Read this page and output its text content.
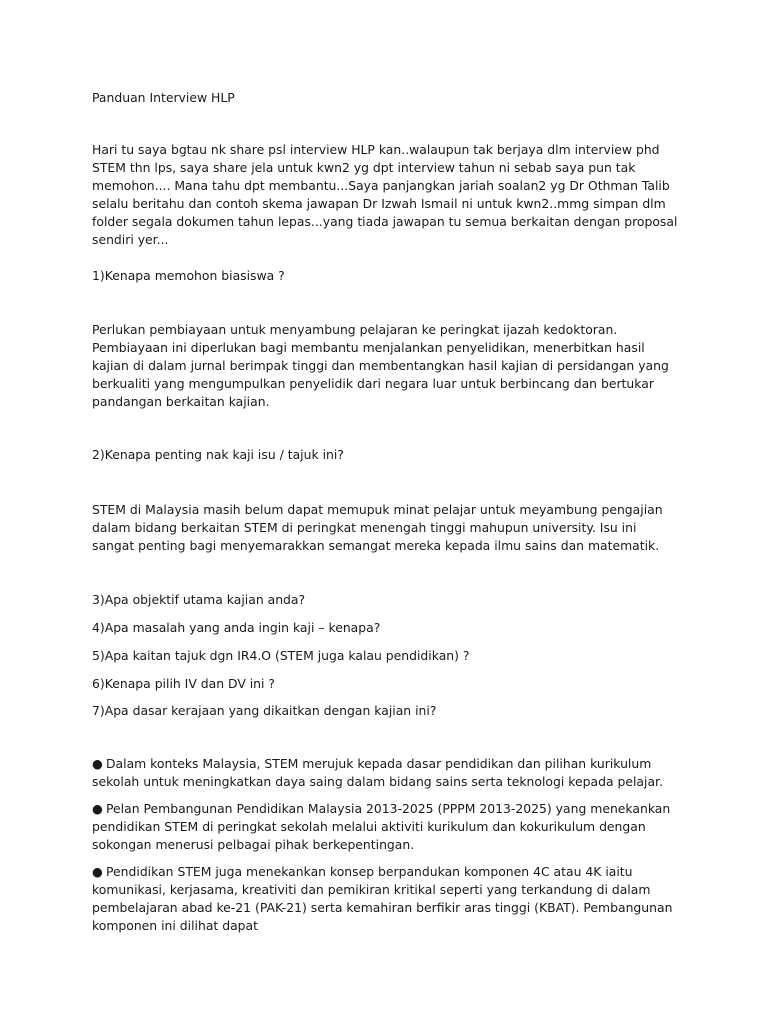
Panduan Interview HLP

Hari tu saya bgtau nk share psl interview HLP kan..walaupun tak berjaya dlm interview phd STEM thn lps, saya share jela untuk kwn2 yg dpt interview tahun ni sebab saya pun tak memohon.... Mana tahu dpt membantu...Saya panjangkan jariah soalan2 yg Dr Othman Talib selalu beritahu dan contoh skema jawapan Dr Izwah Ismail ni untuk kwn2..mmg simpan dlm folder segala dokumen tahun lepas...yang tiada jawapan tu semua berkaitan dengan proposal sendiri yer...

1)Kenapa memohon biasiswa ?

Perlukan pembiayaan untuk menyambung pelajaran ke peringkat ijazah kedoktoran. Pembiayaan ini diperlukan bagi membantu menjalankan penyelidikan, menerbitkan hasil kajian di dalam jurnal berimpak tinggi dan membentangkan hasil kajian di persidangan yang berkualiti yang mengumpulkan penyelidik dari negara luar untuk berbincang dan bertukar pandangan berkaitan kajian.

2)Kenapa penting nak kaji isu / tajuk ini?

STEM di Malaysia masih belum dapat memupuk minat pelajar untuk meyambung pengajian dalam bidang berkaitan STEM di peringkat menengah tinggi mahupun university. Isu ini sangat penting bagi menyemarakkan semangat mereka kepada ilmu sains dan matematik.

3)Apa objektif utama kajian anda?

4)Apa masalah yang anda ingin kaji – kenapa?

5)Apa kaitan tajuk dgn IR4.O (STEM juga kalau pendidikan) ?

6)Kenapa pilih IV dan DV ini ?

7)Apa dasar kerajaan yang dikaitkan dengan kajian ini?

● Dalam konteks Malaysia, STEM merujuk kepada dasar pendidikan dan pilihan kurikulum sekolah untuk meningkatkan daya saing dalam bidang sains serta teknologi kepada pelajar.

● Pelan Pembangunan Pendidikan Malaysia 2013-2025 (PPPM 2013-2025) yang menekankan pendidikan STEM di peringkat sekolah melalui aktiviti kurikulum dan kokurikulum dengan sokongan menerusi pelbagai pihak berkepentingan.

● Pendidikan STEM juga menekankan konsep berpandukan komponen 4C atau 4K iaitu komunikasi, kerjasama, kreativiti dan pemikiran kritikal seperti yang terkandung di dalam pembelajaran abad ke-21 (PAK-21) serta kemahiran berfikir aras tinggi (KBAT). Pembangunan komponen ini dilihat dapat
